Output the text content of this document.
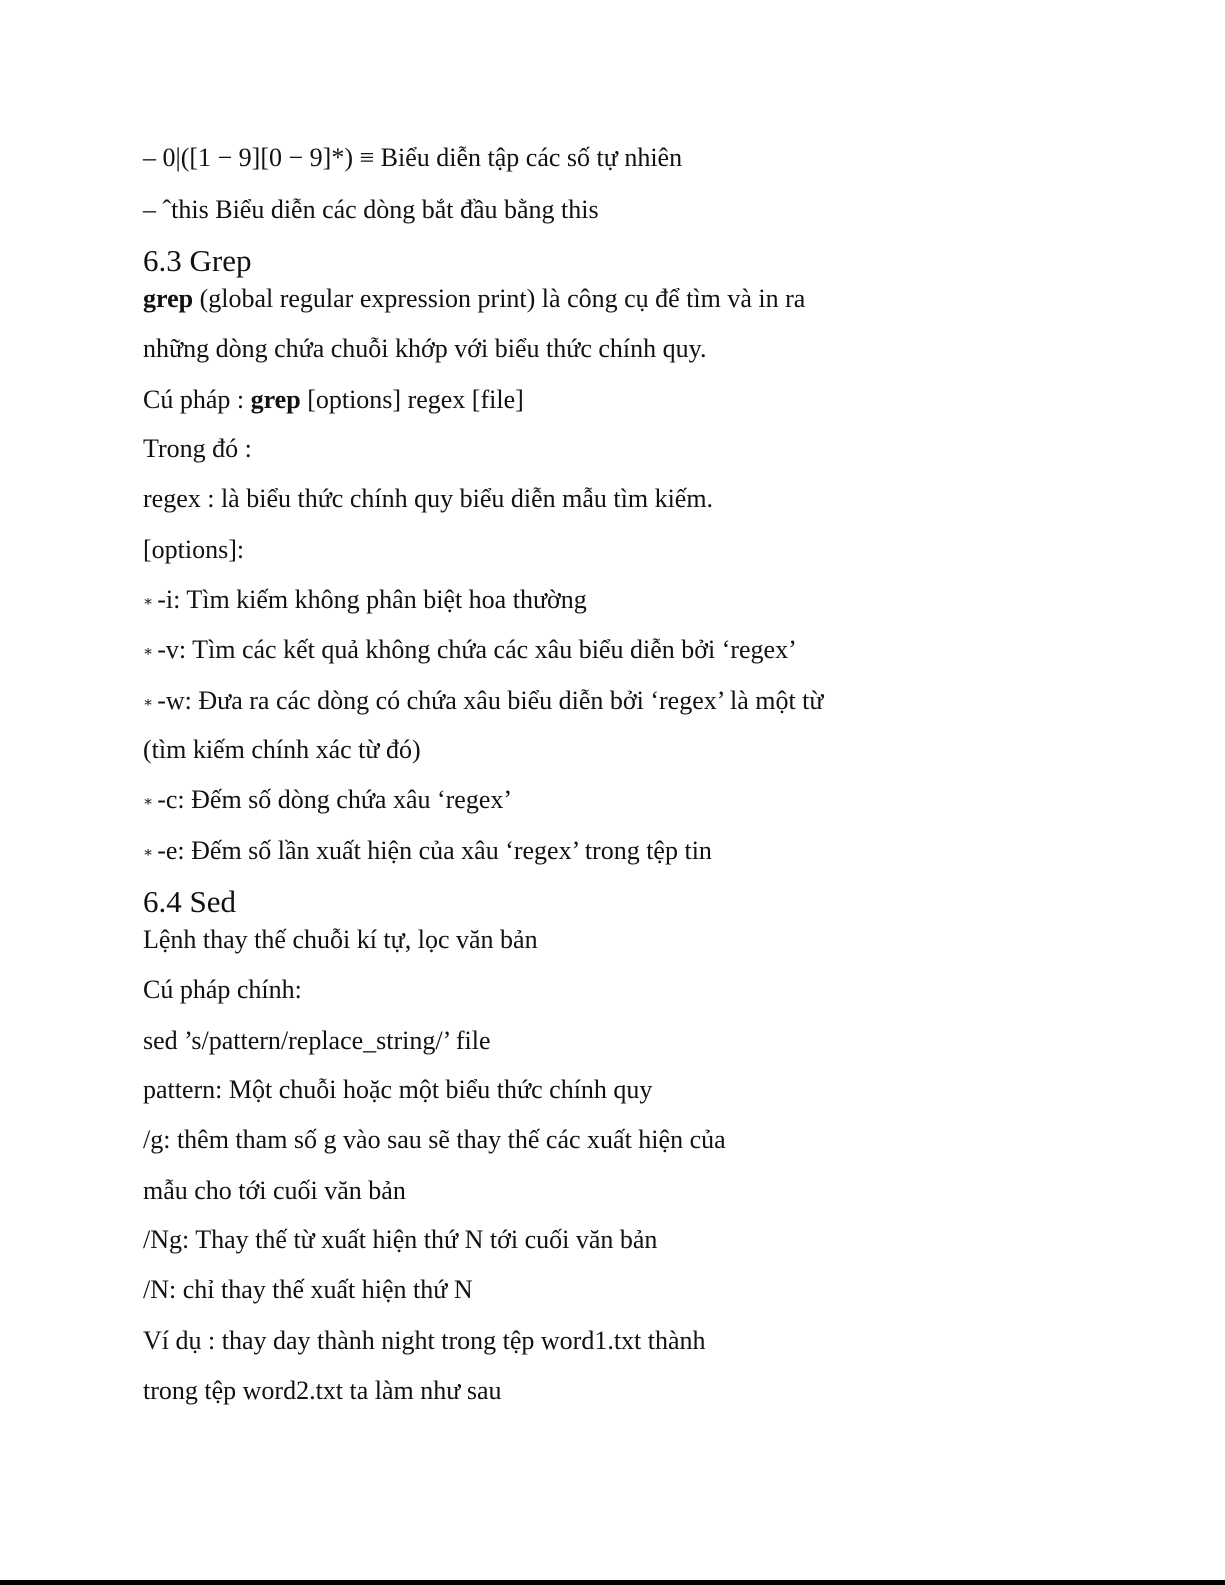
– 0|([1 − 9][0 − 9]*) ≡ Biểu diễn tập các số tự nhiên
– ˆthis Biểu diễn các dòng bắt đầu bằng this
6.3 Grep
grep (global regular expression print) là công cụ để tìm và in ra
những dòng chứa chuỗi khớp với biểu thức chính quy.
Cú pháp : grep [options] regex [file]
Trong đó :
regex : là biểu thức chính quy biểu diễn mẫu tìm kiếm.
[options]:
∗ -i: Tìm kiếm không phân biệt hoa thường
∗ -v: Tìm các kết quả không chứa các xâu biểu diễn bởi ‘regex’
∗ -w: Đưa ra các dòng có chứa xâu biểu diễn bởi ‘regex’ là một từ
(tìm kiếm chính xác từ đó)
∗ -c: Đếm số dòng chứa xâu ‘regex’
∗ -e: Đếm số lần xuất hiện của xâu ‘regex’ trong tệp tin
6.4 Sed
Lệnh thay thế chuỗi kí tự, lọc văn bản
Cú pháp chính:
sed ’s/pattern/replace_string/’ file
pattern: Một chuỗi hoặc một biểu thức chính quy
/g: thêm tham số g vào sau sẽ thay thế các xuất hiện của
mẫu cho tới cuối văn bản
/Ng: Thay thế từ xuất hiện thứ N tới cuối văn bản
/N: chỉ thay thế xuất hiện thứ N
Ví dụ : thay day thành night trong tệp word1.txt thành
trong tệp word2.txt ta làm như sau
